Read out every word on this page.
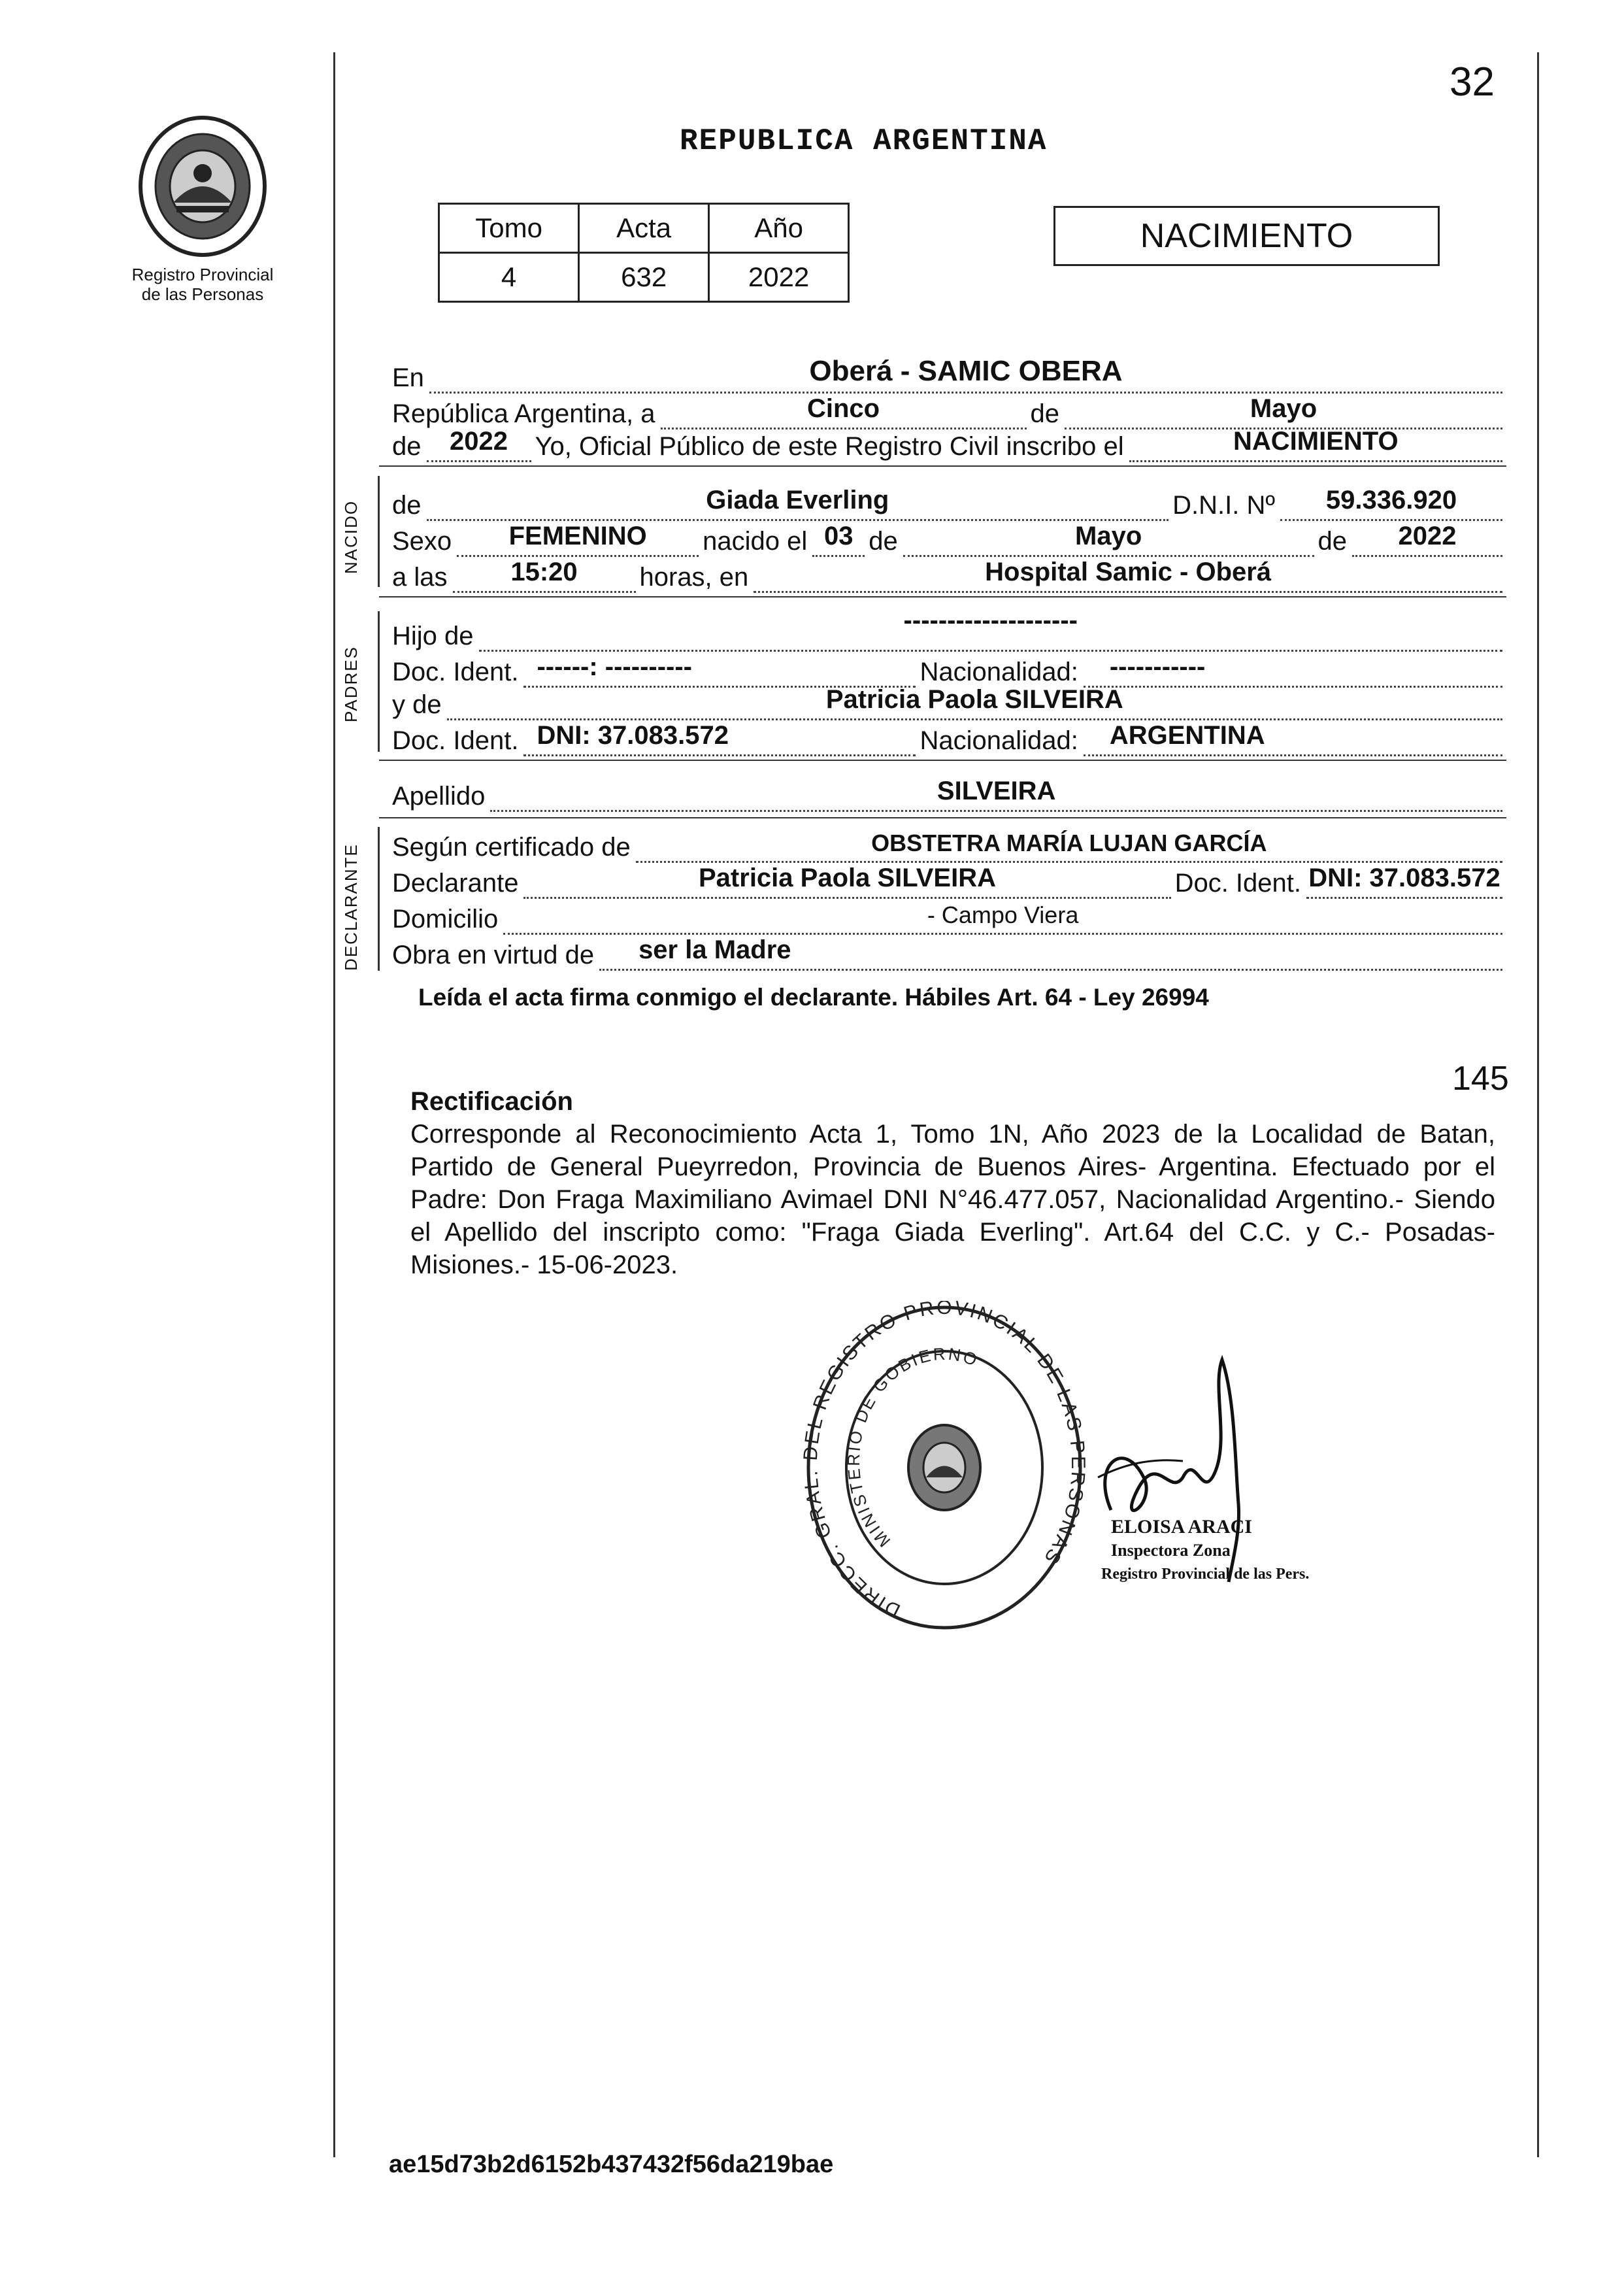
32
Registro Provincial
de las Personas
REPUBLICA ARGENTINA
Tomo	Acta	Año
4	632	2022
NACIMIENTO
En	Oberá - SAMIC OBERA
República Argentina, a	Cinco	de	Mayo
de	2022	Yo, Oficial Público de este Registro Civil inscribo el	NACIMIENTO
NACIDO de	Giada Everling	D.N.I. Nº	59.336.920
Sexo	FEMENINO	nacido el 03 de	Mayo	de	2022
a las	15:20	horas, en	Hospital Samic - Oberá
PADRES
Hijo de
--------------------
Doc. Ident. ------: ----------	Nacionalidad:	-----------
y de	Patricia Paola SILVEIRA
Doc. Ident. DNI: 37.083.572	Nacionalidad:	ARGENTINA
Apellido	SILVEIRA
DECLARANTE Según certificado de	OBSTETRA MARÍA LUJAN GARCÍA
Declarante	Patricia Paola SILVEIRA	Doc. Ident. DNI: 37.083.572
Domicilio	- Campo Viera
Obra en virtud de	ser la Madre
Leída el acta firma conmigo el declarante. Hábiles Art. 64 - Ley 26994
145
Rectificación
Corresponde al Reconocimiento Acta 1, Tomo 1N, Año 2023 de la Localidad de Batan, Partido de General Pueyrredon, Provincia de Buenos Aires- Argentina. Efectuado por el Padre: Don Fraga Maximiliano Avimael DNI N°46.477.057, Nacionalidad Argentino.- Siendo el Apellido del inscripto como: "Fraga Giada Everling". Art.64 del C.C. y C.- Posadas-Misiones.- 15-06-2023.
DIRECC. GRAL. DEL REGISTRO PROVINCIAL DE LAS PERSONAS
MINISTERIO DE GOBIERNO
ELOISA ARACI
Inspectora Zona
Registro Provincial de las Pers.
ae15d73b2d6152b437432f56da219bae
